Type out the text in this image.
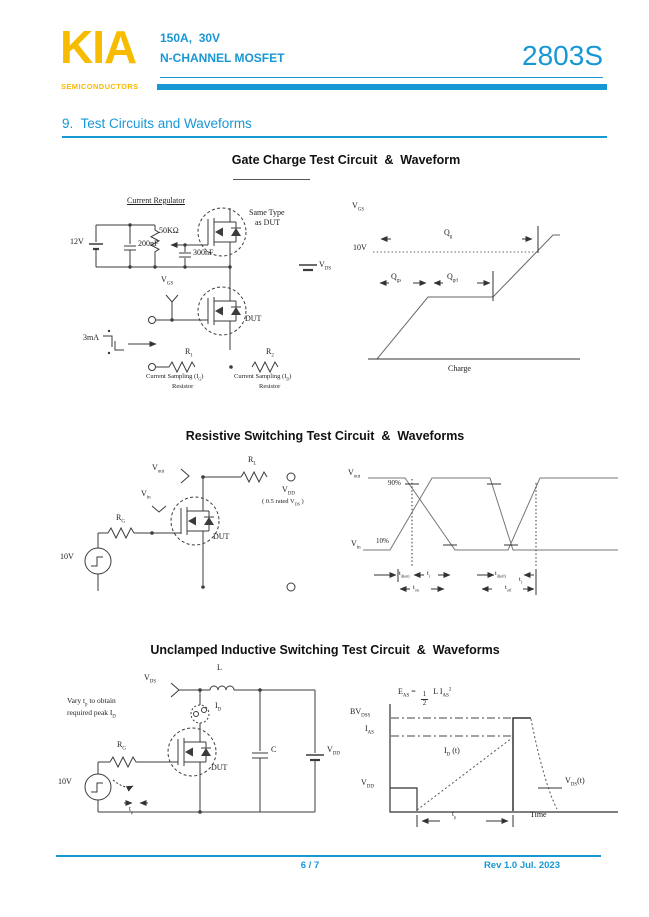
KIA
SEMICONDUCTORS
150A,  30V
N-CHANNEL MOSFET	2803S
9.  Test Circuits and Waveforms
Gate Charge Test Circuit  &  Waveform
Resistive Switching Test Circuit  &  Waveforms
Unclamped Inductive Switching Test Circuit  &  Waveforms
Current Regulator
12V	200nF
50KΩ
300nF
Same Type
as DUT
$V_{GS}$
DUT
3mA
$R_1$
$R_2$
Current Sampling $(I_G)$
Resistor
Current Sampling $(I_D)$
Resistor
$V_{DS}$
$V_{GS}$
10V
$Q_g$
$Q_{gs}$
$Q_{gd}$
Charge
$V_{out}$
$V_{in}$
$R_L$
$V_{DD}$
( 0.5 rated $V_{DS}$ )
DUT
$R_G$
10V
$V_{out}$
90%
$V_{in}$
10%
$t_{d(on)}$	$t_r$
$t_{on}$
$t_{d(off)}$
$t_f$
$t_{off}$
$V_{DS}$
L
$I_D$
Vary $t_p$ to obtain
required peak $I_D$
$R_G$
DUT
10V
$t_p$
C	$V_{DD}$

$E_{AS} = \frac{1}{2}$ L $I_{AS}^2$

$BV_{DSS}$
$I_{AS}$
$I_D$ (t)
$V_{DD}$
$V_{DS}(t)$
$t_p$	Time
6 / 7	Rev 1.0 Jul. 2023
